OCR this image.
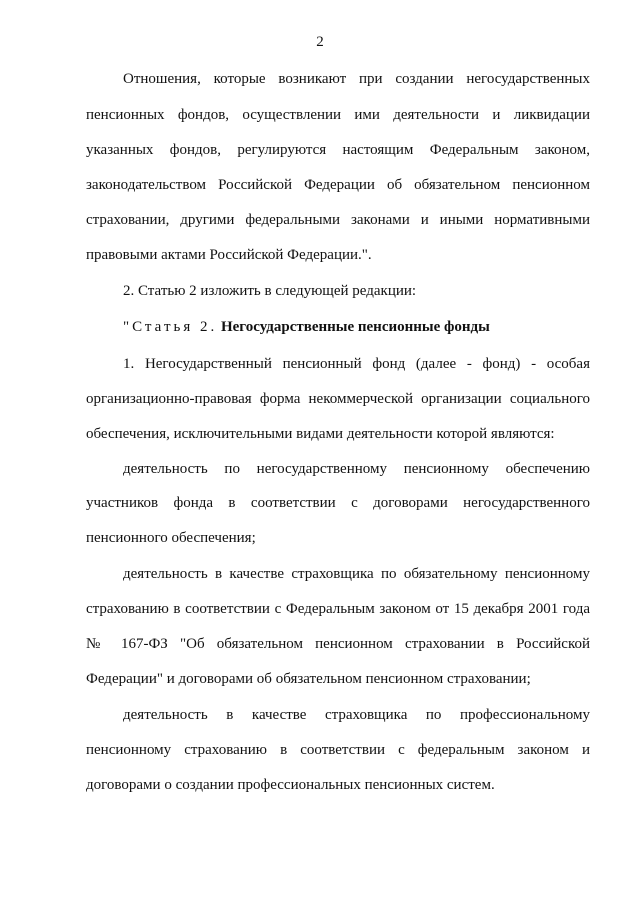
2
Отношения, которые возникают при создании негосударственных
пенсионных фондов, осуществлении ими деятельности и ликвидации
указанных фондов, регулируются настоящим Федеральным законом,
законодательством Российской Федерации об обязательном пенсионном
страховании, другими федеральными законами и иными нормативными
правовыми актами Российской Федерации.".
2. Статью 2 изложить в следующей редакции:
"Статья 2. Негосударственные пенсионные фонды
1. Негосударственный пенсионный фонд (далее - фонд) - особая
организационно-правовая форма некоммерческой организации социального
обеспечения, исключительными видами деятельности которой являются:
деятельность по негосударственному пенсионному обеспечению
участников фонда в соответствии с договорами негосударственного
пенсионного обеспечения;
деятельность в качестве страховщика по обязательному пенсионному
страхованию в соответствии с Федеральным законом от 15 декабря 2001 года
№ 167-ФЗ "Об обязательном пенсионном страховании в Российской
Федерации" и договорами об обязательном пенсионном страховании;
деятельность в качестве страховщика по профессиональному
пенсионному страхованию в соответствии с федеральным законом и
договорами о создании профессиональных пенсионных систем.
